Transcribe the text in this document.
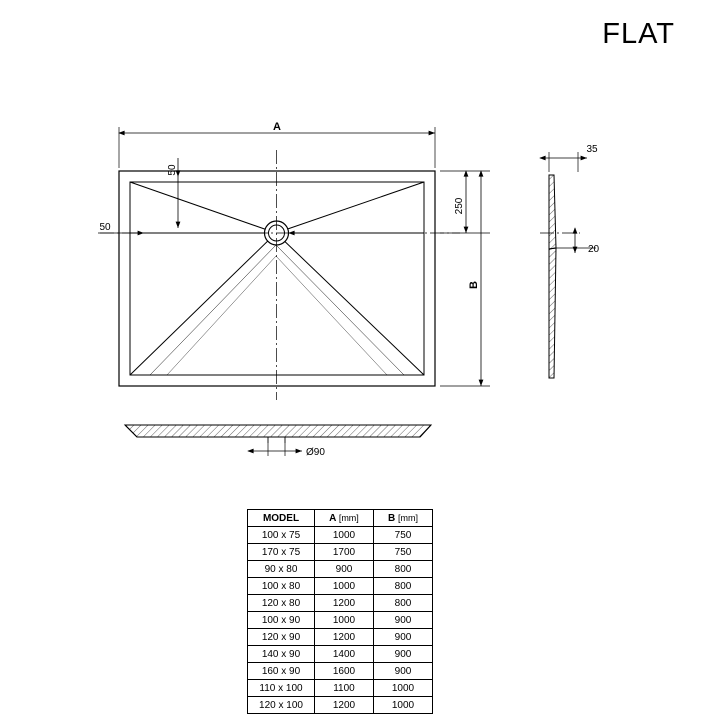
FLAT
A
B
50
50
250
Ø90
35
20
MODEL	A [mm]	B [mm]
100 x 75	1000	750
170 x 75	1700	750
90 x 80	900	800
100 x 80	1000	800
120 x 80	1200	800
100 x 90	1000	900
120 x 90	1200	900
140 x 90	1400	900
160 x 90	1600	900
110 x 100	1100	1000
120 x 100	1200	1000
